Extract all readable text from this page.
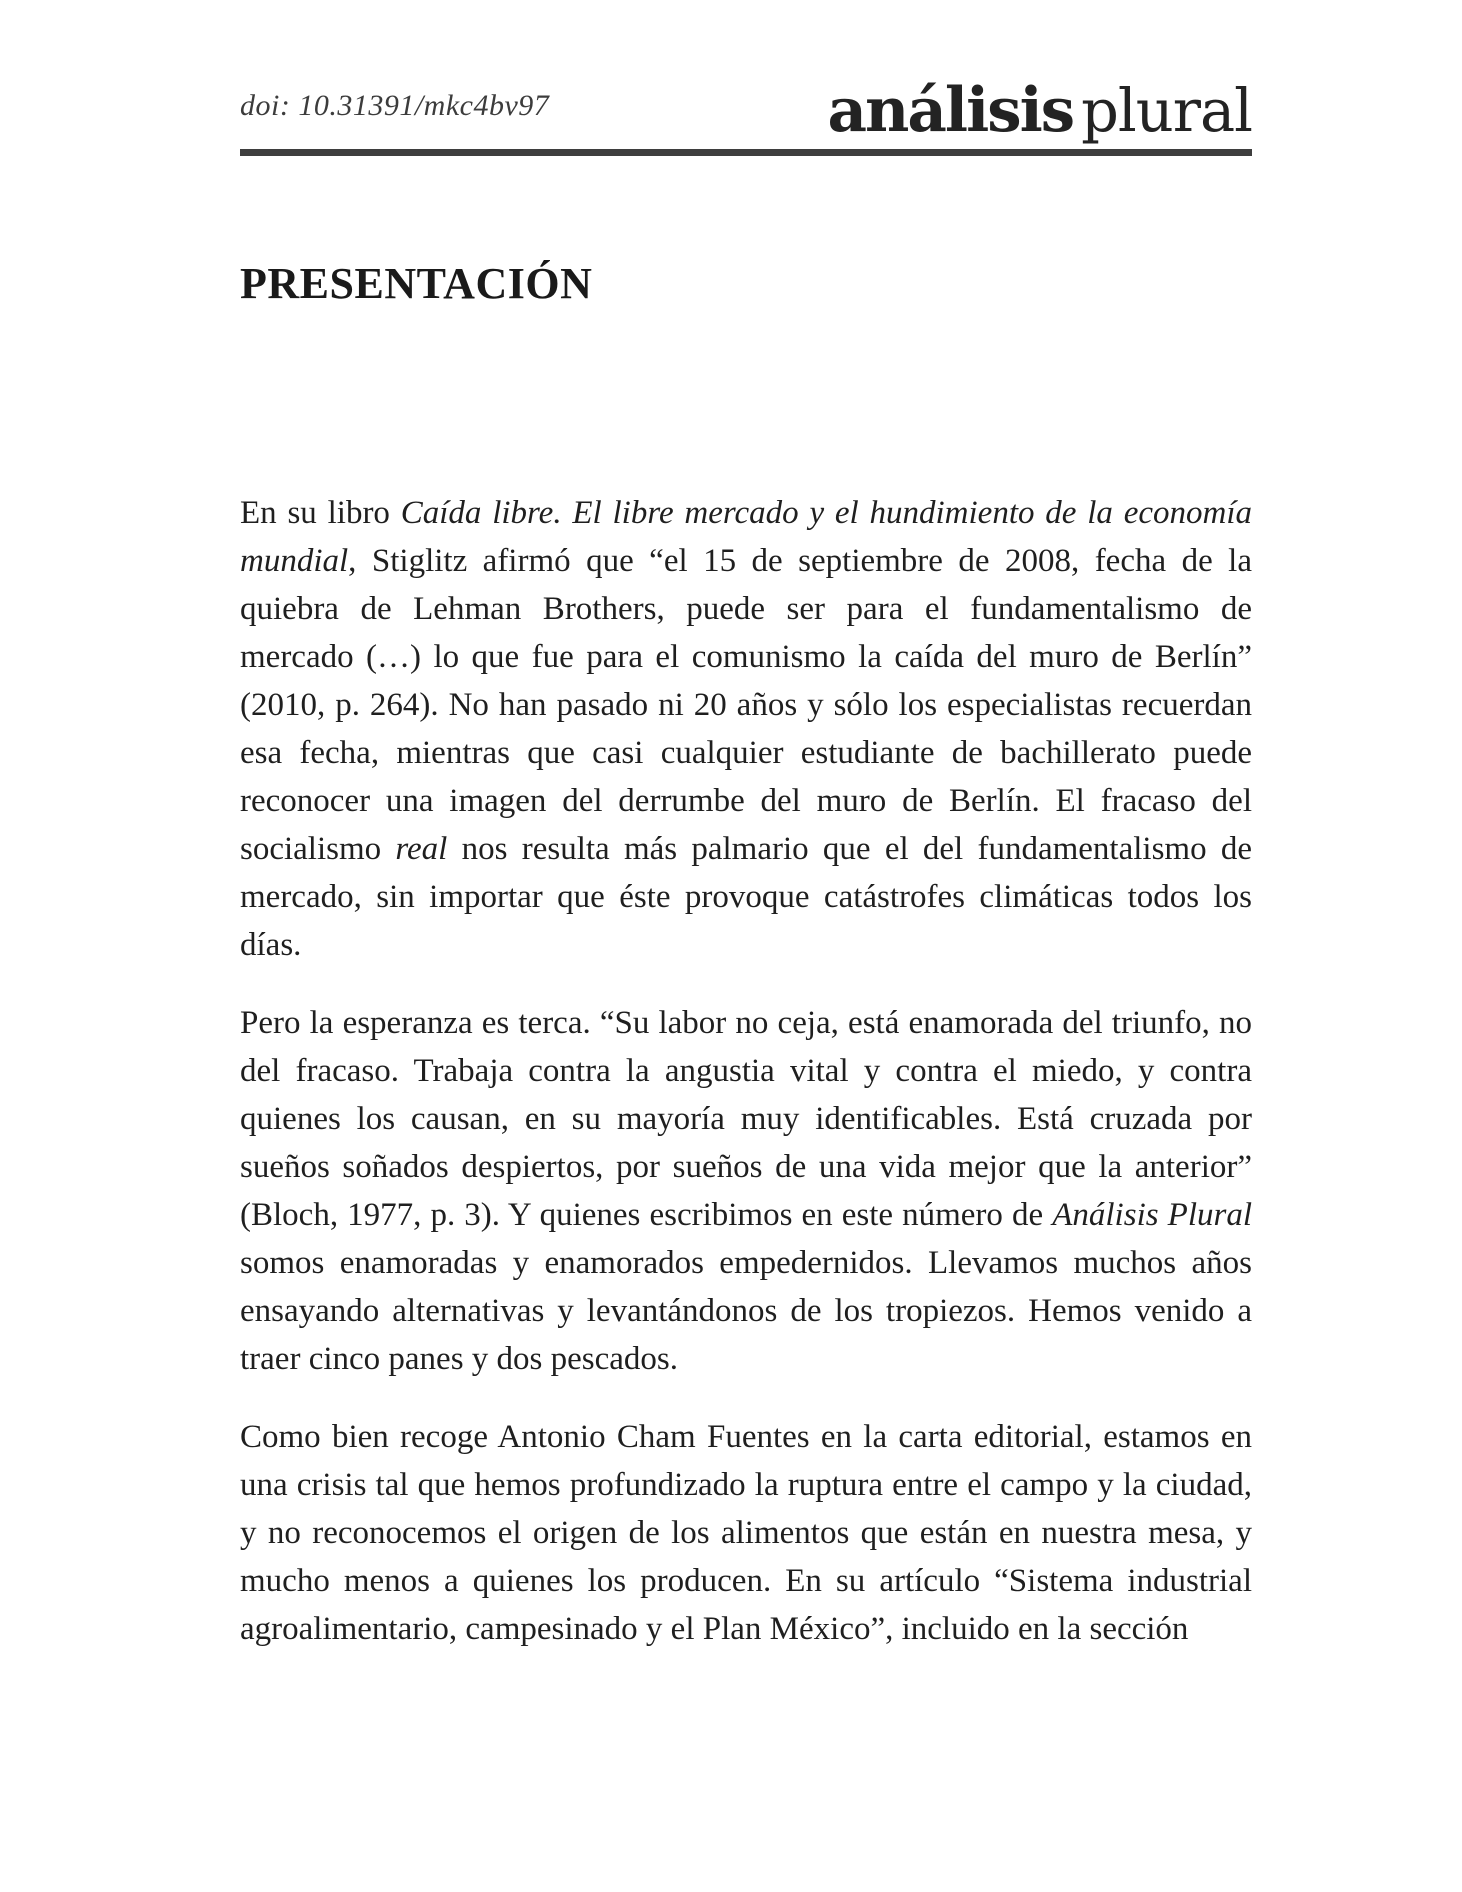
doi: 10.31391/mkc4bv97	análisis plural
PRESENTACIÓN

En su libro Caída libre. El libre mercado y el hundimiento de la economía mundial, Stiglitz afirmó que “el 15 de septiembre de 2008, fecha de la quiebra de Lehman Brothers, puede ser para el fundamentalismo de mercado (…) lo que fue para el comunismo la caída del muro de Berlín” (2010, p. 264). No han pasado ni 20 años y sólo los especialistas recuerdan esa fecha, mientras que casi cualquier estudiante de bachillerato puede reconocer una imagen del derrumbe del muro de Berlín. El fracaso del socialismo real nos resulta más palmario que el del fundamentalismo de mercado, sin importar que éste provoque catástrofes climáticas todos los días.

Pero la esperanza es terca. “Su labor no ceja, está enamorada del triunfo, no del fracaso. Trabaja contra la angustia vital y contra el miedo, y contra quienes los causan, en su mayoría muy identificables. Está cruzada por sueños soñados despiertos, por sueños de una vida mejor que la anterior” (Bloch, 1977, p. 3). Y quienes escribimos en este número de Análisis Plural somos enamoradas y enamorados empedernidos. Llevamos muchos años ensayando alternativas y levantándonos de los tropiezos. Hemos venido a traer cinco panes y dos pescados.

Como bien recoge Antonio Cham Fuentes en la carta editorial, estamos en una crisis tal que hemos profundizado la ruptura entre el campo y la ciudad, y no reconocemos el origen de los alimentos que están en nuestra mesa, y mucho menos a quienes los producen. En su artículo “Sistema industrial agroalimentario, campesinado y el Plan México”, incluido en la sección
